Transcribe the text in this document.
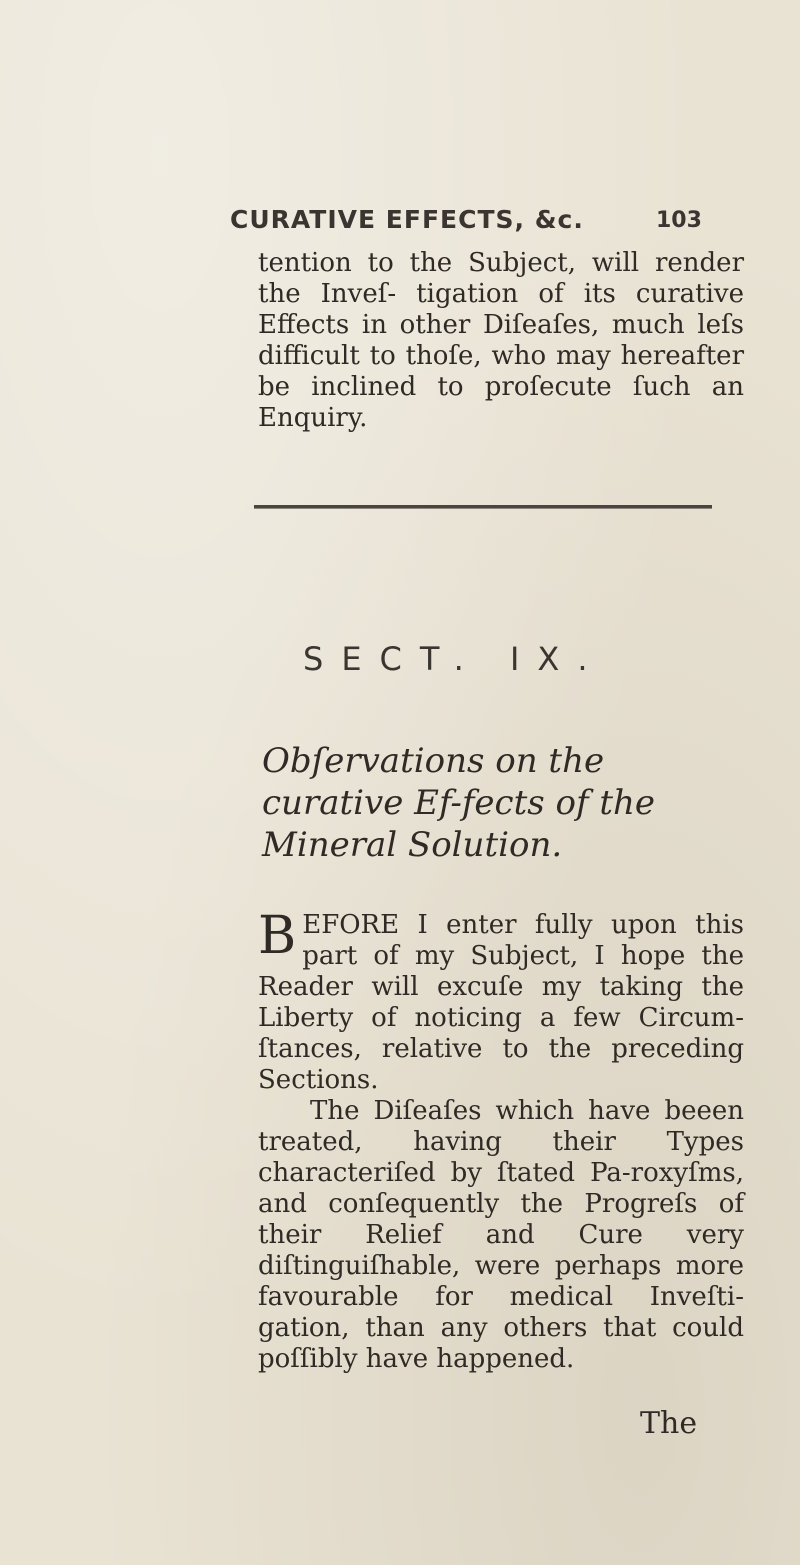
CURATIVE EFFECTS, &c.	103
tention to the Subject, will render the Inveſ- tigation of its curative Effects in other Diſeaſes, much leſs difficult to thoſe, who may hereafter be inclined to proſecute ſuch an Enquiry.
SECT. IX.
Obſervations on the curative Ef-fects of the Mineral Solution.
BEFORE I enter fully upon this part of my Subject, I hope the Reader will excuſe my taking the Liberty of noticing a few Circum-ſtances, relative to the preceding Sections.
The Diſeaſes which have beeen treated, having their Types characteriſed by ſtated Pa-roxyſms, and conſequently the Progreſs of their Relief and Cure very diſtinguiſhable, were perhaps more favourable for medical Inveſti-gation, than any others that could poſſibly have happened.
The
